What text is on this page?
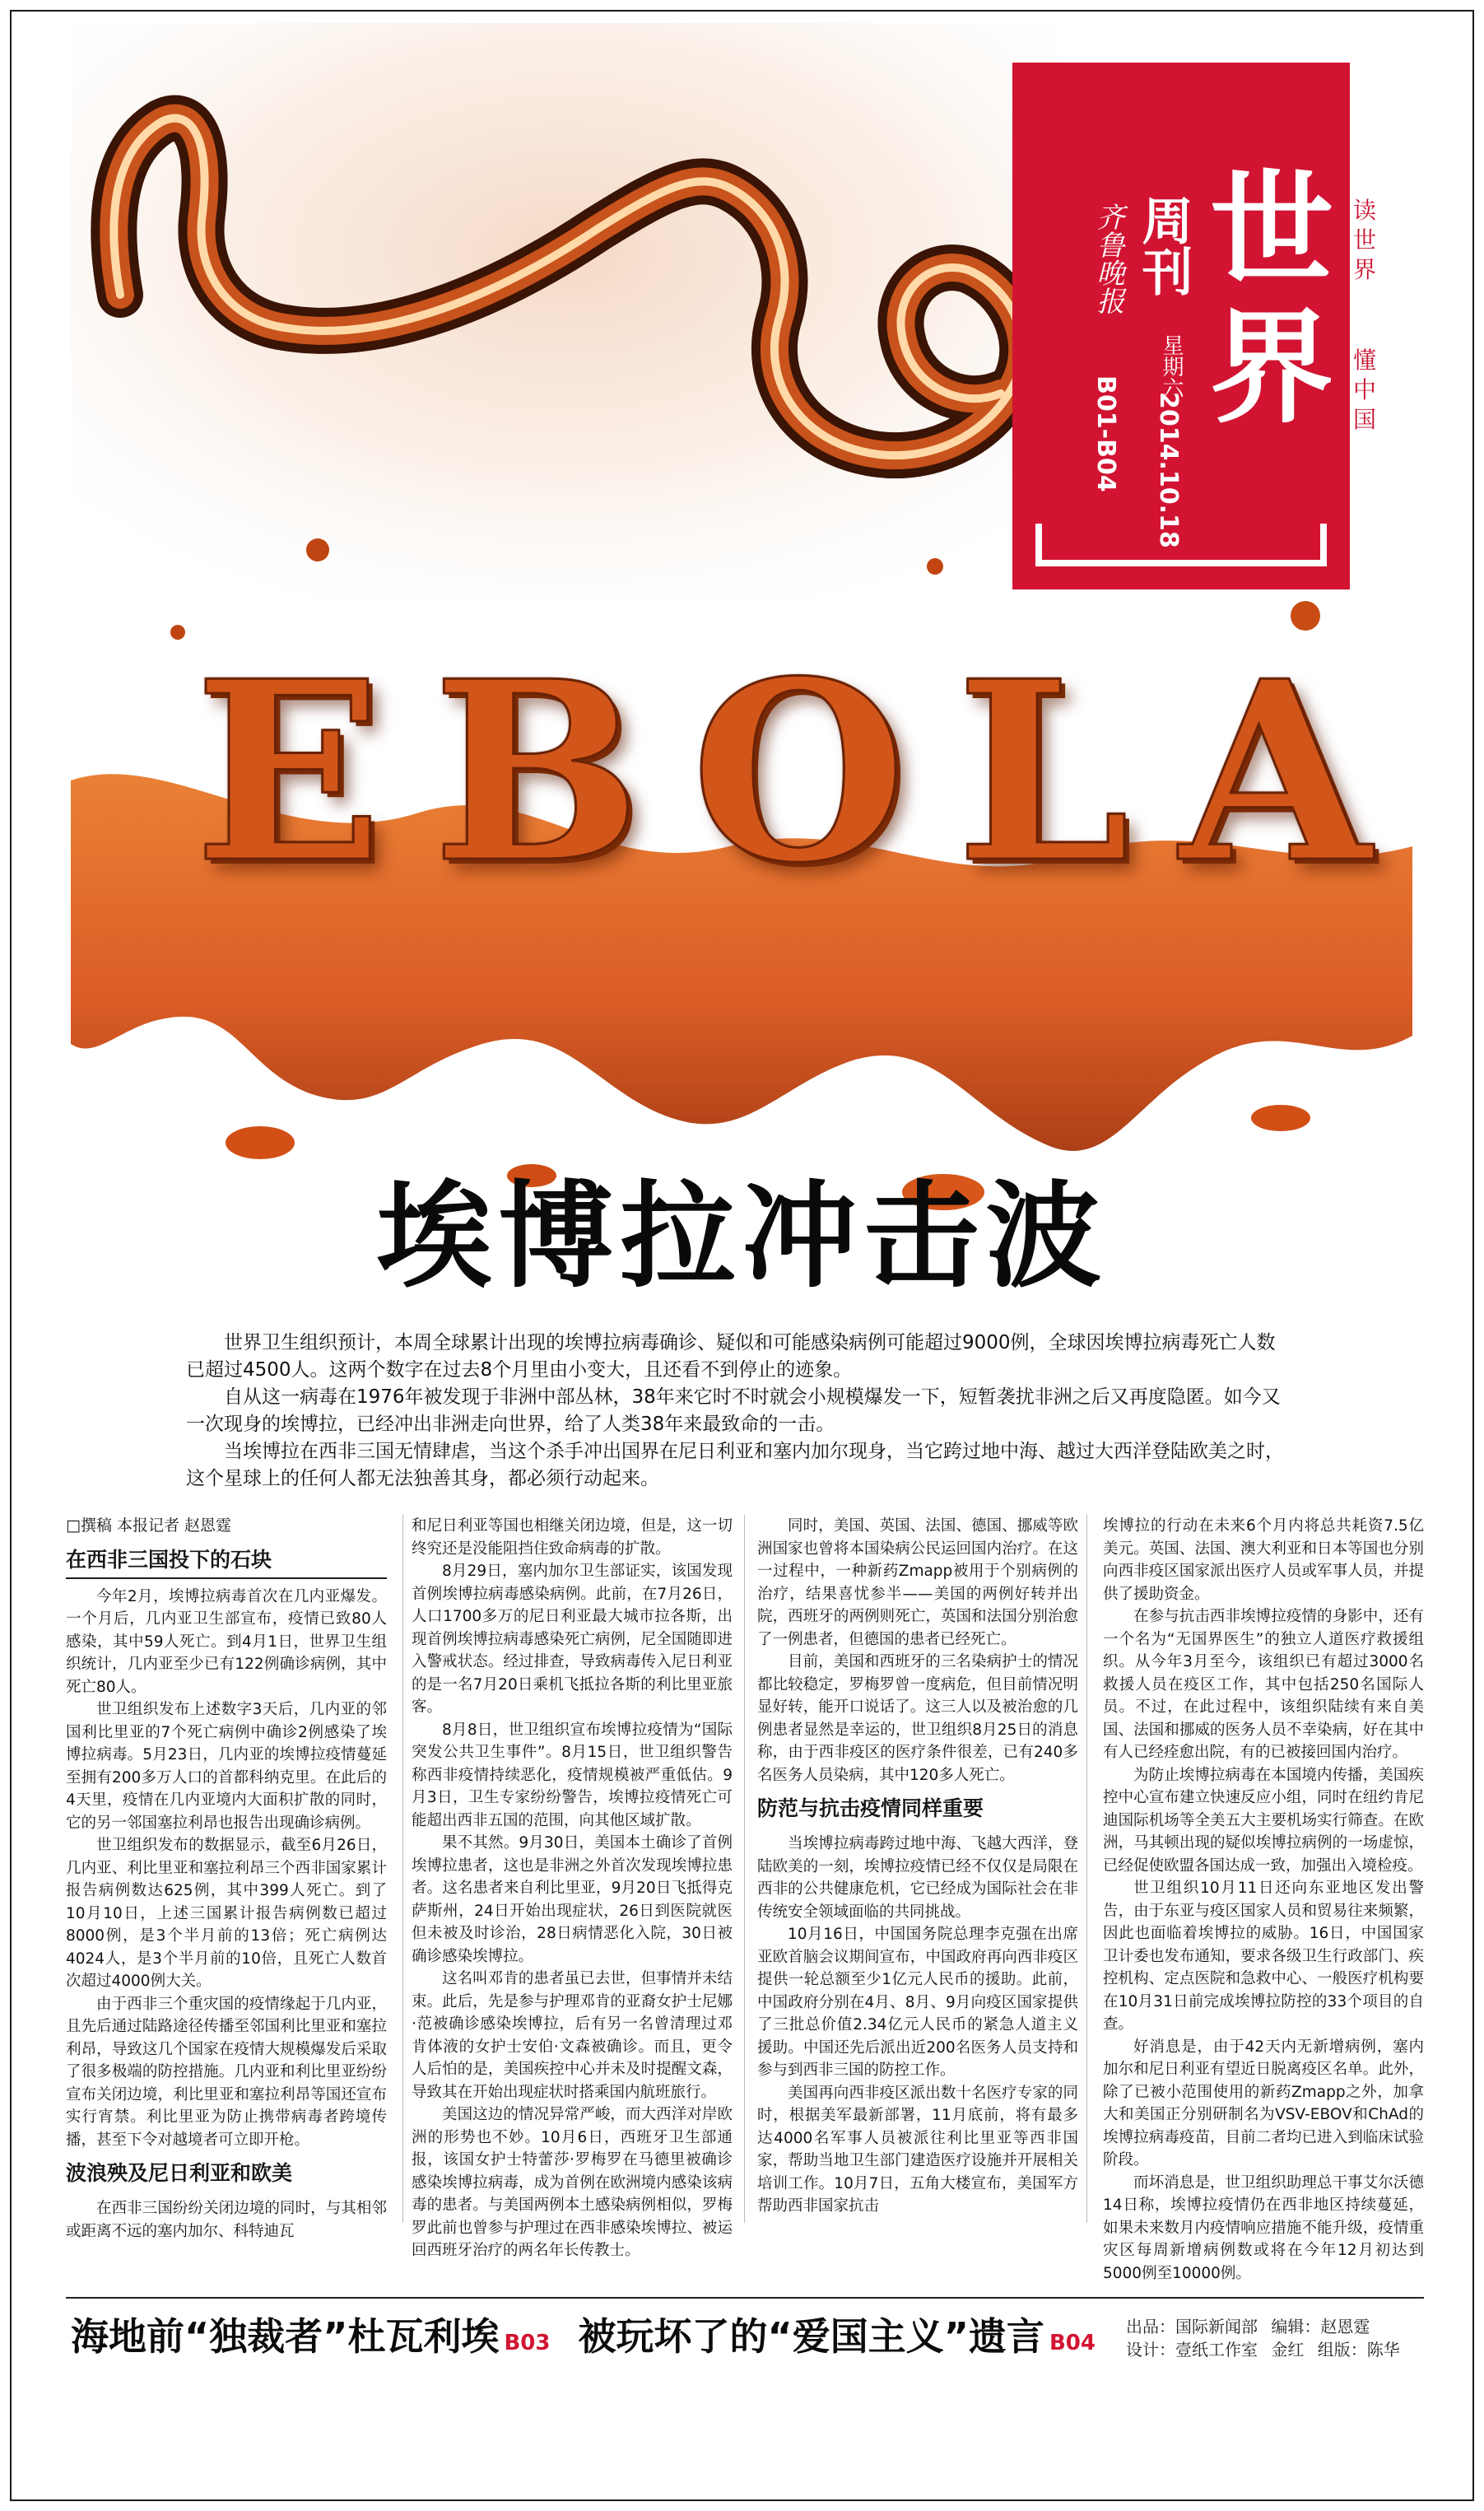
E B O L A
齐鲁晚报 周刊 世界
星期六
2014.10.18
B01-B04
读世界
懂中国
埃博拉冲击波

世界卫生组织预计，本周全球累计出现的埃博拉病毒确诊、疑似和可能感染病例可能超过9000例，全球因埃博拉病毒死亡人数已超过4500人。这两个数字在过去8个月里由小变大，且还看不到停止的迹象。

自从这一病毒在1976年被发现于非洲中部丛林，38年来它时不时就会小规模爆发一下，短暂袭扰非洲之后又再度隐匿。如今又一次现身的埃博拉，已经冲出非洲走向世界，给了人类38年来最致命的一击。

当埃博拉在西非三国无情肆虐，当这个杀手冲出国界在尼日利亚和塞内加尔现身，当它跨过地中海、越过大西洋登陆欧美之时，这个星球上的任何人都无法独善其身，都必须行动起来。

□撰稿 本报记者 赵恩霆
在西非三国投下的石块

今年2月，埃博拉病毒首次在几内亚爆发。一个月后，几内亚卫生部宣布，疫情已致80人感染，其中59人死亡。到4月1日，世界卫生组织统计，几内亚至少已有122例确诊病例，其中死亡80人。

世卫组织发布上述数字3天后，几内亚的邻国利比里亚的7个死亡病例中确诊2例感染了埃博拉病毒。5月23日，几内亚的埃博拉疫情蔓延至拥有200多万人口的首都科纳克里。在此后的4天里，疫情在几内亚境内大面积扩散的同时，它的另一邻国塞拉利昂也报告出现确诊病例。

世卫组织发布的数据显示，截至6月26日，几内亚、利比里亚和塞拉利昂三个西非国家累计报告病例数达625例，其中399人死亡。到了10月10日，上述三国累计报告病例数已超过8000例，是3个半月前的13倍；死亡病例达4024人，是3个半月前的10倍，且死亡人数首次超过4000例大关。

由于西非三个重灾国的疫情缘起于几内亚，且先后通过陆路途径传播至邻国利比里亚和塞拉利昂，导致这几个国家在疫情大规模爆发后采取了很多极端的防控措施。几内亚和利比里亚纷纷宣布关闭边境，利比里亚和塞拉利昂等国还宣布实行宵禁。利比里亚为防止携带病毒者跨境传播，甚至下令对越境者可立即开枪。

波浪殃及尼日利亚和欧美

在西非三国纷纷关闭边境的同时，与其相邻或距离不远的塞内加尔、科特迪瓦

和尼日利亚等国也相继关闭边境，但是，这一切终究还是没能阻挡住致命病毒的扩散。

8月29日，塞内加尔卫生部证实，该国发现首例埃博拉病毒感染病例。此前，在7月26日，人口1700多万的尼日利亚最大城市拉各斯，出现首例埃博拉病毒感染死亡病例，尼全国随即进入警戒状态。经过排查，导致病毒传入尼日利亚的是一名7月20日乘机飞抵拉各斯的利比里亚旅客。

8月8日，世卫组织宣布埃博拉疫情为“国际突发公共卫生事件”。8月15日，世卫组织警告称西非疫情持续恶化，疫情规模被严重低估。9月3日，卫生专家纷纷警告，埃博拉疫情死亡可能超出西非五国的范围，向其他区域扩散。

果不其然。9月30日，美国本土确诊了首例埃博拉患者，这也是非洲之外首次发现埃博拉患者。这名患者来自利比里亚，9月20日飞抵得克萨斯州，24日开始出现症状，26日到医院就医但未被及时诊治，28日病情恶化入院，30日被确诊感染埃博拉。

这名叫邓肯的患者虽已去世，但事情并未结束。此后，先是参与护理邓肯的亚裔女护士尼娜·范被确诊感染埃博拉，后有另一名曾清理过邓肯体液的女护士安伯·文森被确诊。而且，更令人后怕的是，美国疾控中心并未及时提醒文森，导致其在开始出现症状时搭乘国内航班旅行。

美国这边的情况异常严峻，而大西洋对岸欧洲的形势也不妙。10月6日，西班牙卫生部通报，该国女护士特蕾莎·罗梅罗在马德里被确诊感染埃博拉病毒，成为首例在欧洲境内感染该病毒的患者。与美国两例本土感染病例相似，罗梅罗此前也曾参与护理过在西非感染埃博拉、被运回西班牙治疗的两名年长传教士。

同时，美国、英国、法国、德国、挪威等欧洲国家也曾将本国染病公民运回国内治疗。在这一过程中，一种新药Zmapp被用于个别病例的治疗，结果喜忧参半——美国的两例好转并出院，西班牙的两例则死亡，英国和法国分别治愈了一例患者，但德国的患者已经死亡。

目前，美国和西班牙的三名染病护士的情况都比较稳定，罗梅罗曾一度病危，但目前情况明显好转，能开口说话了。这三人以及被治愈的几例患者显然是幸运的，世卫组织8月25日的消息称，由于西非疫区的医疗条件很差，已有240多名医务人员染病，其中120多人死亡。

防范与抗击疫情同样重要

当埃博拉病毒跨过地中海、飞越大西洋，登陆欧美的一刻，埃博拉疫情已经不仅仅是局限在西非的公共健康危机，它已经成为国际社会在非传统安全领域面临的共同挑战。

10月16日，中国国务院总理李克强在出席亚欧首脑会议期间宣布，中国政府再向西非疫区提供一轮总额至少1亿元人民币的援助。此前，中国政府分别在4月、8月、9月向疫区国家提供了三批总价值2.34亿元人民币的紧急人道主义援助。中国还先后派出近200名医务人员支持和参与到西非三国的防控工作。

美国再向西非疫区派出数十名医疗专家的同时，根据美军最新部署，11月底前，将有最多达4000名军事人员被派往利比里亚等西非国家，帮助当地卫生部门建造医疗设施并开展相关培训工作。10月7日，五角大楼宣布，美国军方帮助西非国家抗击

埃博拉的行动在未来6个月内将总共耗资7.5亿美元。英国、法国、澳大利亚和日本等国也分别向西非疫区国家派出医疗人员或军事人员，并提供了援助资金。

在参与抗击西非埃博拉疫情的身影中，还有一个名为“无国界医生”的独立人道医疗救援组织。从今年3月至今，该组织已有超过3000名救援人员在疫区工作，其中包括250名国际人员。不过，在此过程中，该组织陆续有来自美国、法国和挪威的医务人员不幸染病，好在其中有人已经痊愈出院，有的已被接回国内治疗。

为防止埃博拉病毒在本国境内传播，美国疾控中心宣布建立快速反应小组，同时在纽约肯尼迪国际机场等全美五大主要机场实行筛查。在欧洲，马其顿出现的疑似埃博拉病例的一场虚惊，已经促使欧盟各国达成一致，加强出入境检疫。

世卫组织10月11日还向东亚地区发出警告，由于东亚与疫区国家人员和贸易往来频繁，因此也面临着埃博拉的威胁。16日，中国国家卫计委也发布通知，要求各级卫生行政部门、疾控机构、定点医院和急救中心、一般医疗机构要在10月31日前完成埃博拉防控的33个项目的自查。

好消息是，由于42天内无新增病例，塞内加尔和尼日利亚有望近日脱离疫区名单。此外，除了已被小范围使用的新药Zmapp之外，加拿大和美国正分别研制名为VSV-EBOV和ChAd的埃博拉病毒疫苗，目前二者均已进入到临床试验阶段。

而坏消息是，世卫组织助理总干事艾尔沃德14日称，埃博拉疫情仍在西非地区持续蔓延，如果未来数月内疫情响应措施不能升级，疫情重灾区每周新增病例数或将在今年12月初达到5000例至10000例。

海地前“独裁者”杜瓦利埃 B03 被玩坏了的“爱国主义”遗言 B04
出品：国际新闻部 编辑：赵恩霆
设计：壹纸工作室 金红 组版：陈华
